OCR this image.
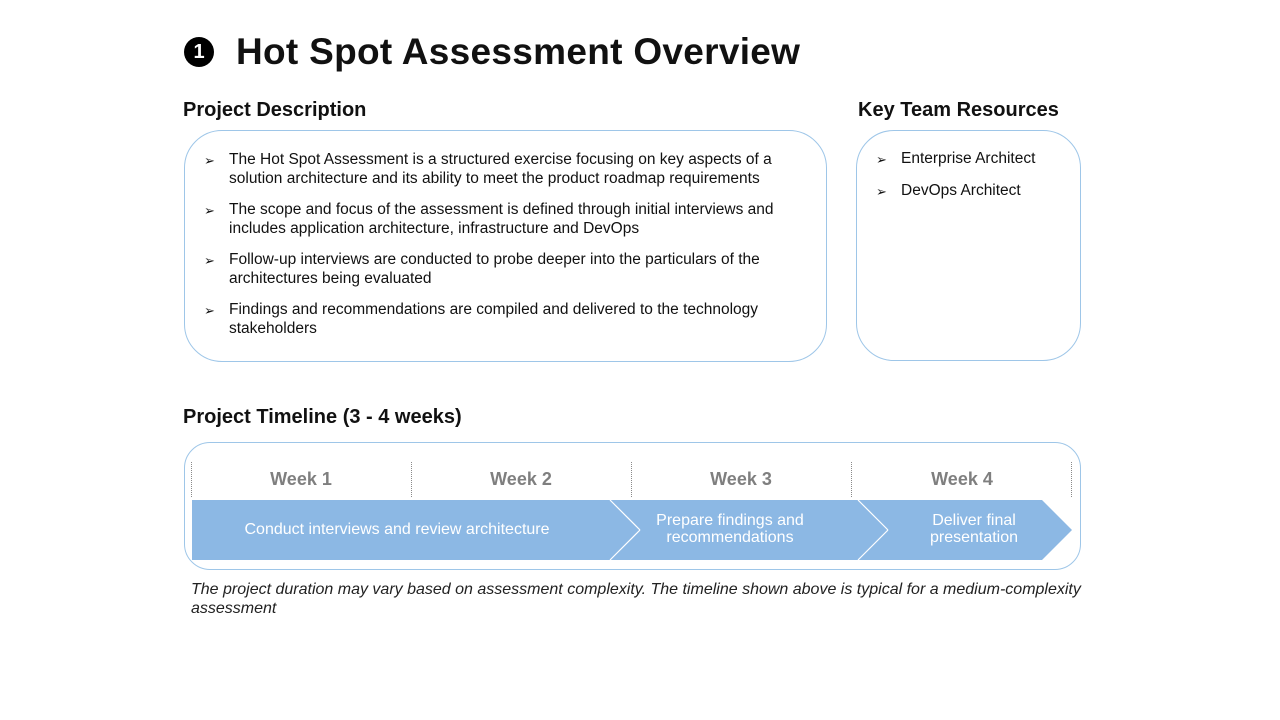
1 Hot Spot Assessment Overview
Project Description
➢ The Hot Spot Assessment is a structured exercise focusing on key aspects of a solution architecture and its ability to meet the product roadmap requirements
➢ The scope and focus of the assessment is defined through initial interviews and includes application architecture, infrastructure and DevOps
➢ Follow-up interviews are conducted to probe deeper into the particulars of the architectures being evaluated
➢ Findings and recommendations are compiled and delivered to the technology stakeholders
Key Team Resources
➢ Enterprise Architect
➢ DevOps Architect
Project Timeline (3 - 4 weeks)
Week 1	Week 2	Week 3	Week 4
Conduct interviews and review architecture
Prepare findings and recommendations
Deliver final presentation
The project duration may vary based on assessment complexity. The timeline shown above is typical for a medium-complexity assessment
